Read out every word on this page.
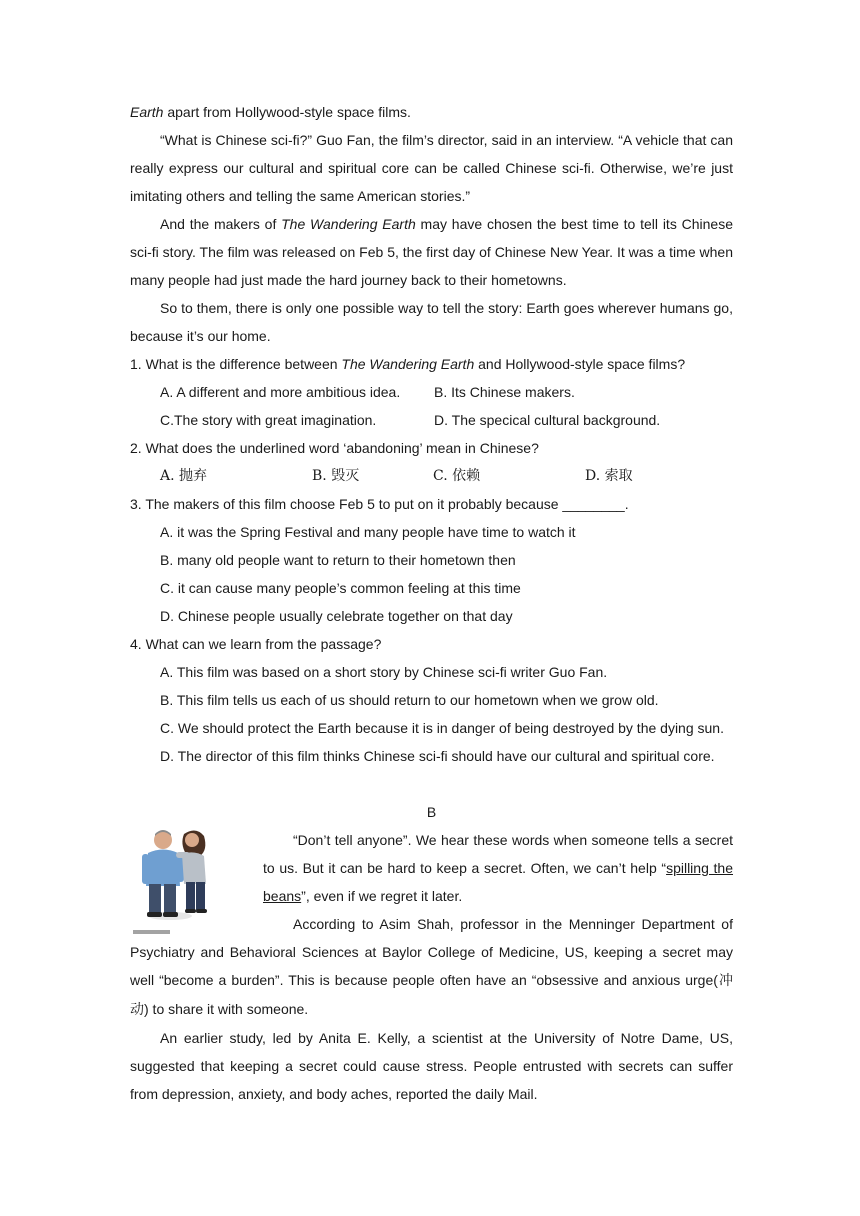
Earth apart from Hollywood-style space films.

“What is Chinese sci-fi?” Guo Fan, the film’s director, said in an interview. “A vehicle that can really express our cultural and spiritual core can be called Chinese sci-fi. Otherwise, we’re just imitating others and telling the same American stories.”

And the makers of The Wandering Earth may have chosen the best time to tell its Chinese sci-fi story. The film was released on Feb 5, the first day of Chinese New Year. It was a time when many people had just made the hard journey back to their hometowns.

So to them, there is only one possible way to tell the story: Earth goes wherever humans go, because it’s our home.

1. What is the difference between The Wandering Earth and Hollywood-style space films?

A. A different and more ambitious idea.	B. Its Chinese makers.
C.The story with great imagination.	D. The specical cultural background.

2. What does the underlined word ‘abandoning’ mean in Chinese?

A. 抛弃	B. 毁灭	C. 依赖	D. 索取

3. The makers of this film choose Feb 5 to put on it probably because ________.

A. it was the Spring Festival and many people have time to watch it

B. many old people want to return to their hometown then

C. it can cause many people’s common feeling at this time

D. Chinese people usually celebrate together on that day

4. What can we learn from the passage?

A. This film was based on a short story by Chinese sci-fi writer Guo Fan.

B. This film tells us each of us should return to our hometown when we grow old.

C. We should protect the Earth because it is in danger of being destroyed by the dying sun.

D. The director of this film thinks Chinese sci-fi should have our cultural and spiritual core.

B

“Don’t tell anyone”. We hear these words when someone tells a secret to us. But it can be hard to keep a secret. Often, we can’t help “spilling the beans”, even if we regret it later.

According to Asim Shah, professor in the Menninger Department of Psychiatry and Behavioral Sciences at Baylor College of Medicine, US, keeping a secret may well “become a burden”. This is because people often have an “obsessive and anxious urge(冲动) to share it with someone.

An earlier study, led by Anita E. Kelly, a scientist at the University of Notre Dame, US, suggested that keeping a secret could cause stress. People entrusted with secrets can suffer from depression, anxiety, and body aches, reported the daily Mail.
